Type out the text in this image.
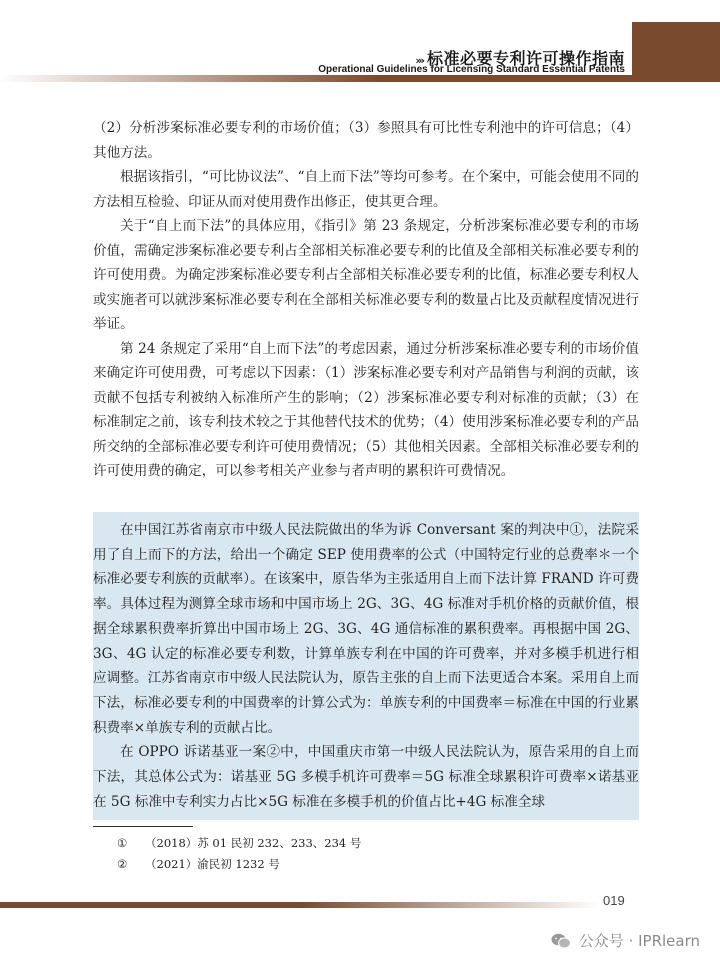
››› 标准必要专利许可操作指南
Operational Guidelines for Licensing Standard Essential Patents

（2）分析涉案标准必要专利的市场价值；（3）参照具有可比性专利池中的许可信息；（4）其他方法。

根据该指引，“可比协议法”、“自上而下法”等均可参考。在个案中，可能会使用不同的方法相互检验、印证从而对使用费作出修正，使其更合理。

关于“自上而下法”的具体应用，《指引》第 23 条规定，分析涉案标准必要专利的市场价值，需确定涉案标准必要专利占全部相关标准必要专利的比值及全部相关标准必要专利的许可使用费。为确定涉案标准必要专利占全部相关标准必要专利的比值，标准必要专利权人或实施者可以就涉案标准必要专利在全部相关标准必要专利的数量占比及贡献程度情况进行举证。

第 24 条规定了采用“自上而下法”的考虑因素，通过分析涉案标准必要专利的市场价值来确定许可使用费，可考虑以下因素：（1）涉案标准必要专利对产品销售与利润的贡献，该贡献不包括专利被纳入标准所产生的影响；（2）涉案标准必要专利对标准的贡献；（3）在标准制定之前，该专利技术较之于其他替代技术的优势；（4）使用涉案标准必要专利的产品所交纳的全部标准必要专利许可使用费情况；（5）其他相关因素。全部相关标准必要专利的许可使用费的确定，可以参考相关产业参与者声明的累积许可费情况。

在中国江苏省南京市中级人民法院做出的华为诉 Conversant 案的判决中①，法院采用了自上而下的方法，给出一个确定 SEP 使用费率的公式（中国特定行业的总费率＊一个标准必要专利族的贡献率）。在该案中，原告华为主张适用自上而下法计算 FRAND 许可费率。具体过程为测算全球市场和中国市场上 2G、3G、4G 标准对手机价格的贡献价值，根据全球累积费率折算出中国市场上 2G、3G、4G 通信标准的累积费率。再根据中国 2G、3G、4G 认定的标准必要专利数，计算单族专利在中国的许可费率，并对多模手机进行相应调整。江苏省南京市中级人民法院认为，原告主张的自上而下法更适合本案。采用自上而下法，标准必要专利的中国费率的计算公式为：单族专利的中国费率＝标准在中国的行业累积费率×单族专利的贡献占比。

在 OPPO 诉诺基亚一案②中，中国重庆市第一中级人民法院认为，原告采用的自上而下法，其总体公式为：诺基亚 5G 多模手机许可费率＝5G 标准全球累积许可费率×诺基亚在 5G 标准中专利实力占比×5G 标准在多模手机的价值占比+4G 标准全球

① （2018）苏 01 民初 232、233、234 号
② （2021）渝民初 1232 号
019
公众号 · IPRlearn
